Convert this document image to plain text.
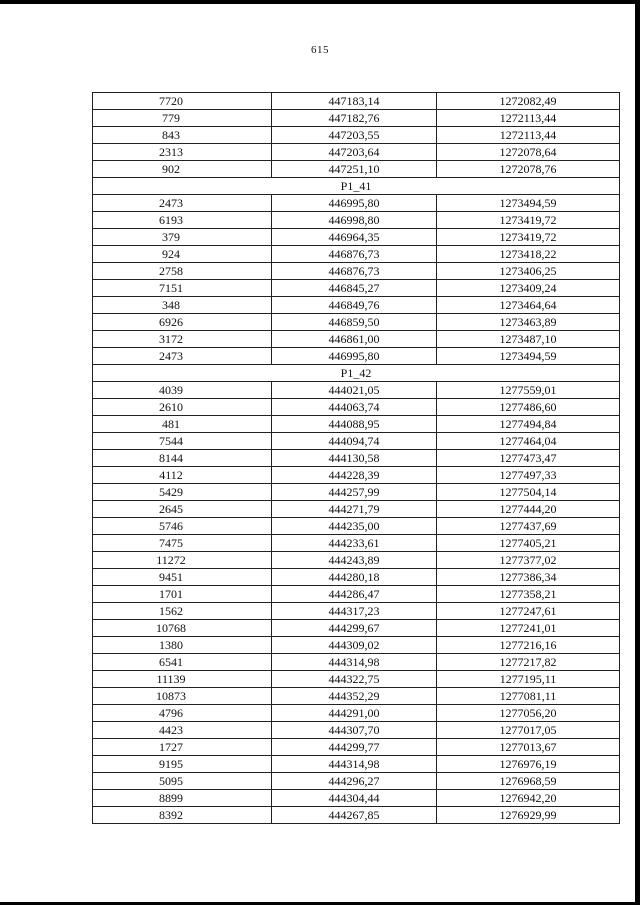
615
7720	447183,14	1272082,49
779	447182,76	1272113,44
843	447203,55	1272113,44
2313	447203,64	1272078,64
902	447251,10	1272078,76
P1_41		
2473	446995,80	1273494,59
6193	446998,80	1273419,72
379	446964,35	1273419,72
924	446876,73	1273418,22
2758	446876,73	1273406,25
7151	446845,27	1273409,24
348	446849,76	1273464,64
6926	446859,50	1273463,89
3172	446861,00	1273487,10
2473	446995,80	1273494,59
P1_42		
4039	444021,05	1277559,01
2610	444063,74	1277486,60
481	444088,95	1277494,84
7544	444094,74	1277464,04
8144	444130,58	1277473,47
4112	444228,39	1277497,33
5429	444257,99	1277504,14
2645	444271,79	1277444,20
5746	444235,00	1277437,69
7475	444233,61	1277405,21
11272	444243,89	1277377,02
9451	444280,18	1277386,34
1701	444286,47	1277358,21
1562	444317,23	1277247,61
10768	444299,67	1277241,01
1380	444309,02	1277216,16
6541	444314,98	1277217,82
11139	444322,75	1277195,11
10873	444352,29	1277081,11
4796	444291,00	1277056,20
4423	444307,70	1277017,05
1727	444299,77	1277013,67
9195	444314,98	1276976,19
5095	444296,27	1276968,59
8899	444304,44	1276942,20
8392	444267,85	1276929,99
